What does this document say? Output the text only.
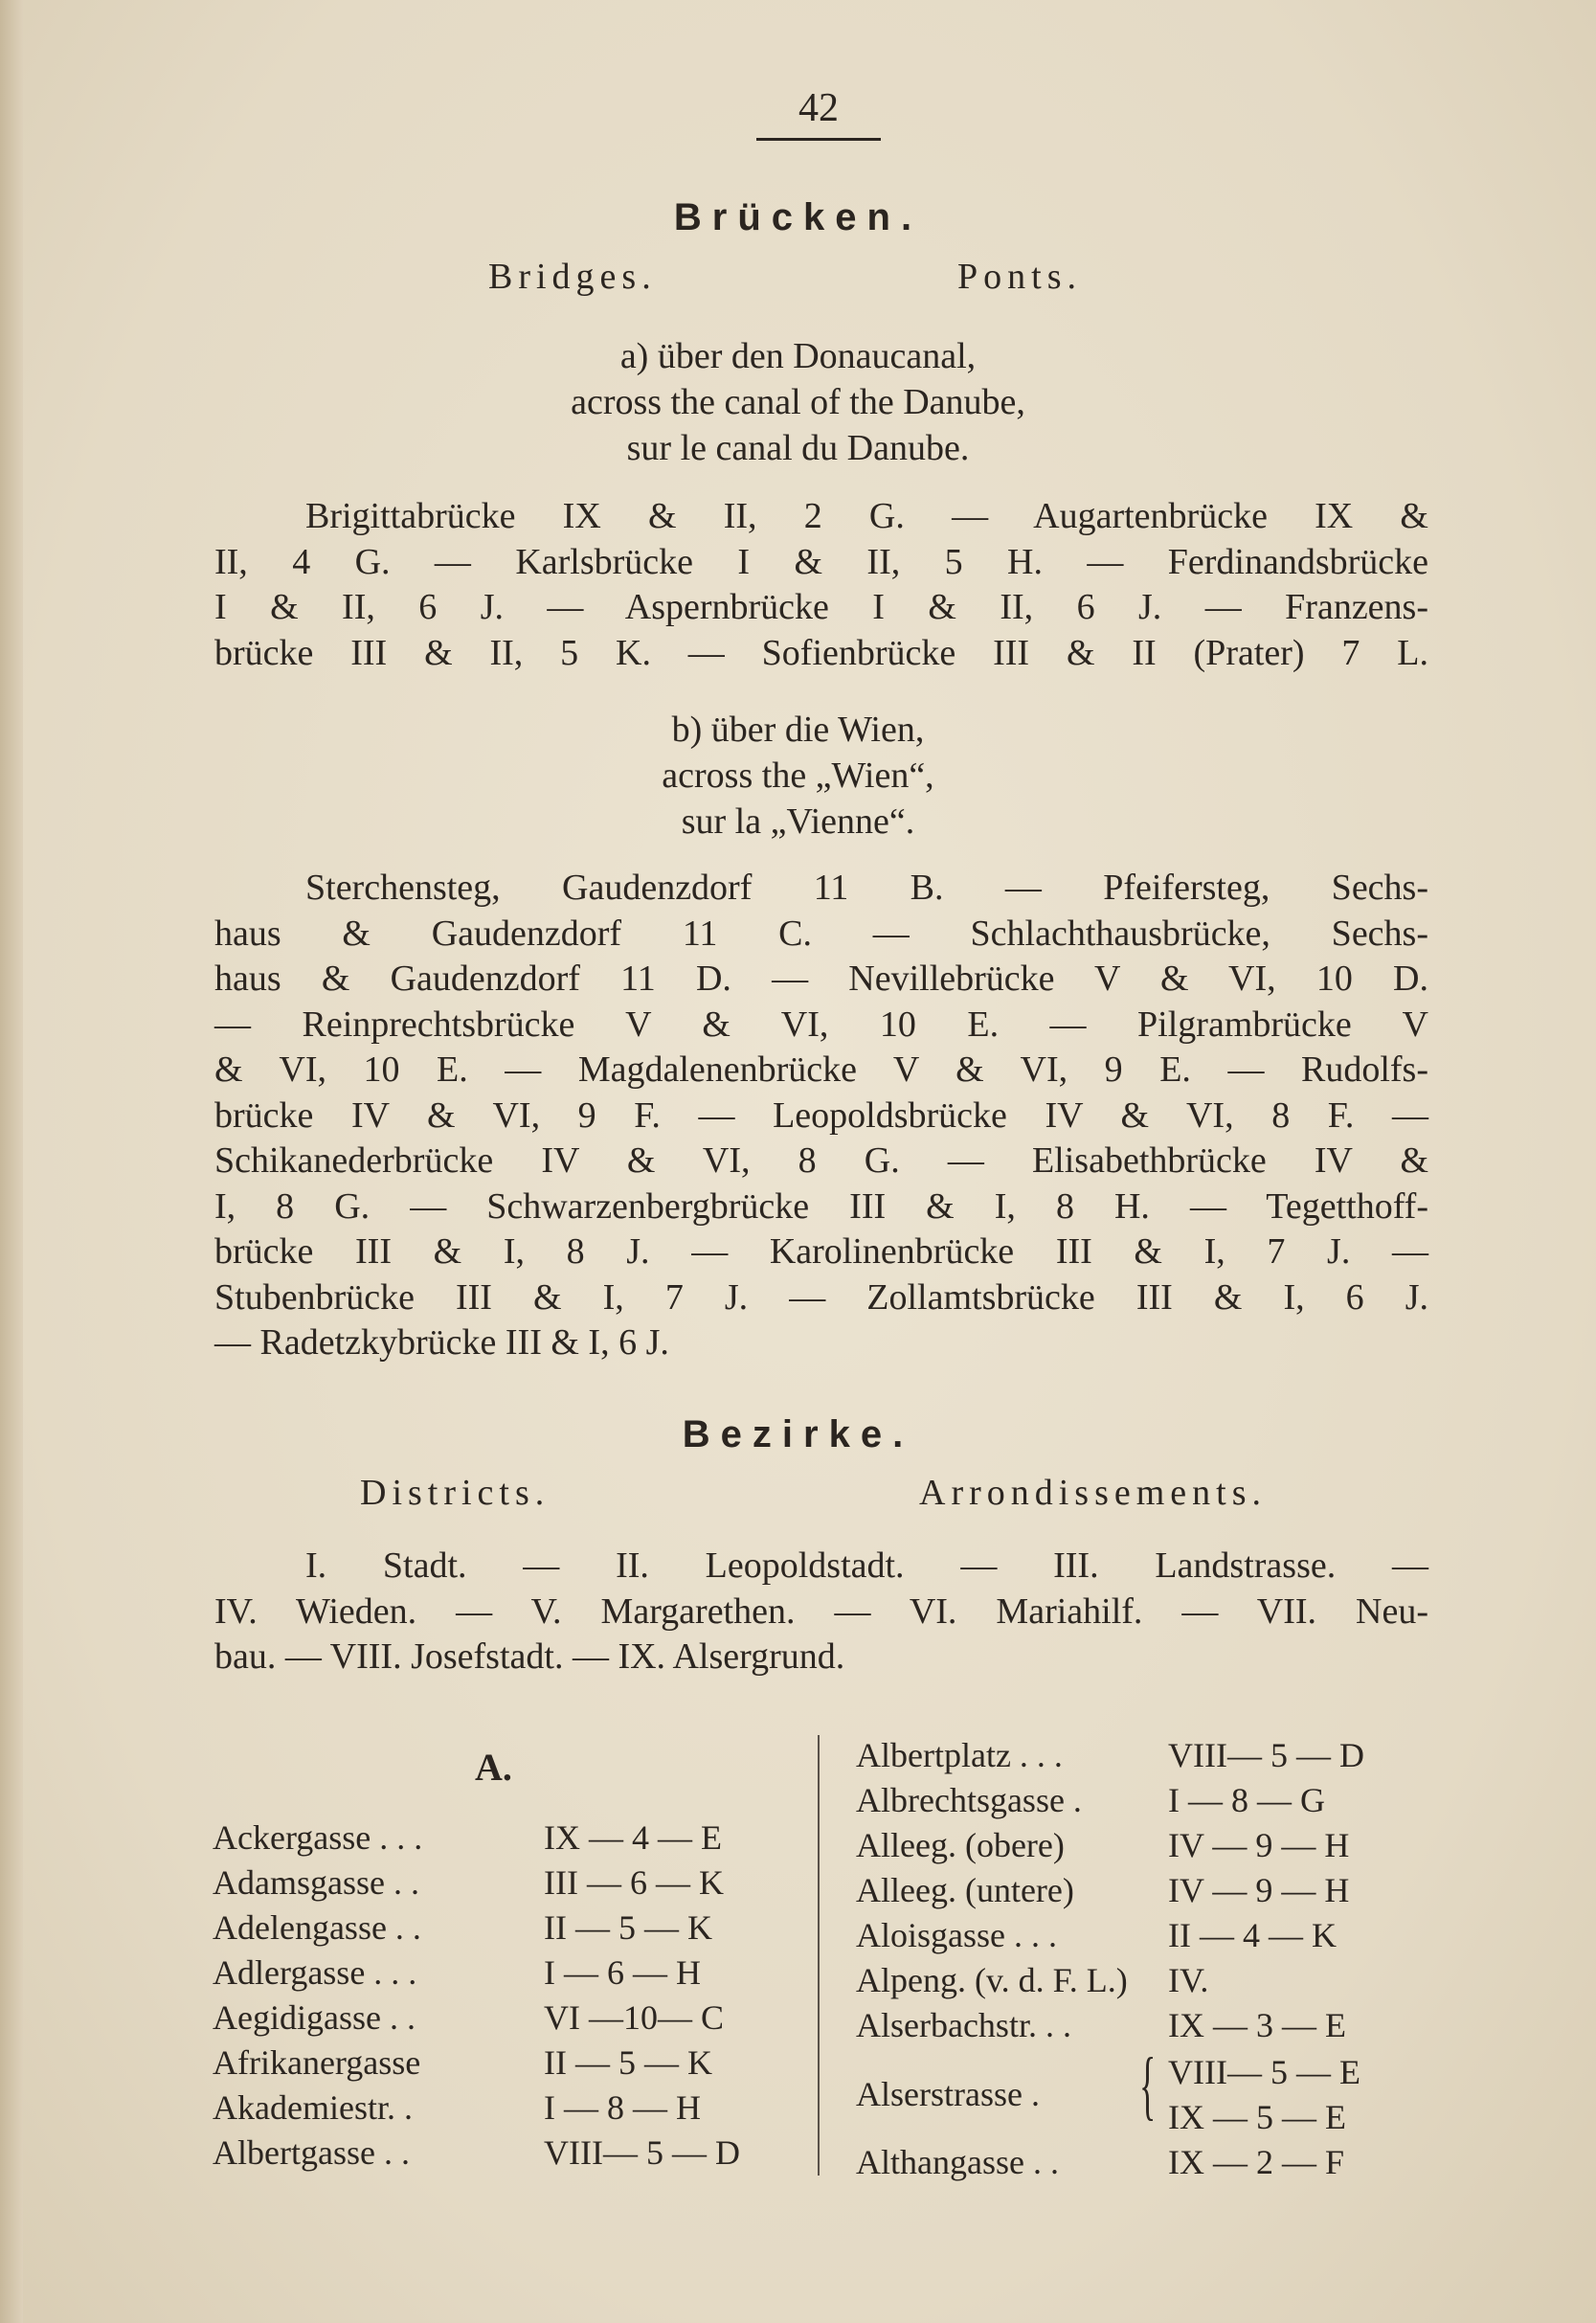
42
Brücken.
Bridges.	Ponts.
a) über den Donaucanal,
across the canal of the Danube,
sur le canal du Danube.
Brigittabrücke IX & II, 2 G. — Augartenbrücke IX &
II, 4 G. — Karlsbrücke I & II, 5 H. — Ferdinandsbrücke
I & II, 6 J. — Aspernbrücke I & II, 6 J. — Franzens-
brücke III & II, 5 K. — Sofienbrücke III & II (Prater) 7 L.
b) über die Wien,
across the „Wien“,
sur la „Vienne“.
Sterchensteg, Gaudenzdorf 11 B. — Pfeifersteg, Sechs-
haus & Gaudenzdorf 11 C. — Schlachthausbrücke, Sechs-
haus & Gaudenzdorf 11 D. — Nevillebrücke V & VI, 10 D.
— Reinprechtsbrücke V & VI, 10 E. — Pilgrambrücke V
& VI, 10 E. — Magdalenenbrücke V & VI, 9 E. — Rudolfs-
brücke IV & VI, 9 F. — Leopoldsbrücke IV & VI, 8 F. —
Schikanederbrücke IV & VI, 8 G. — Elisabethbrücke IV &
I, 8 G. — Schwarzenbergbrücke III & I, 8 H. — Tegetthoff-
brücke III & I, 8 J. — Karolinenbrücke III & I, 7 J. —
Stubenbrücke III & I, 7 J. — Zollamtsbrücke III & I, 6 J.
— Radetzkybrücke III & I, 6 J.
Bezirke.
Districts.	Arrondissements.
I. Stadt. — II. Leopoldstadt. — III. Landstrasse. —
IV. Wieden. — V. Margarethen. — VI. Mariahilf. — VII. Neu-
bau. — VIII. Josefstadt. — IX. Alsergrund.
A.
Ackergasse . . .	IX — 4 — E
Adamsgasse . .	III — 6 — K
Adelengasse . .	II — 5 — K
Adlergasse . . .	I — 6 — H
Aegidigasse . .	VI —10— C
Afrikanergasse	II — 5 — K
Akademiestr. .	I — 8 — H
Albertgasse . .	VIII— 5 — D
Albertplatz . . .	VIII— 5 — D
Albrechtsgasse .	I — 8 — G
Alleeg. (obere)	IV — 9 — H
Alleeg. (untere)	IV — 9 — H
Aloisgasse . . .	II — 4 — K
Alpeng. (v. d. F. L.) IV.
Alserbachstr. . .	IX — 3 — E
Alserstrasse . { VIII— 5 — E
IX — 5 — E
Althangasse . .	IX — 2 — F
